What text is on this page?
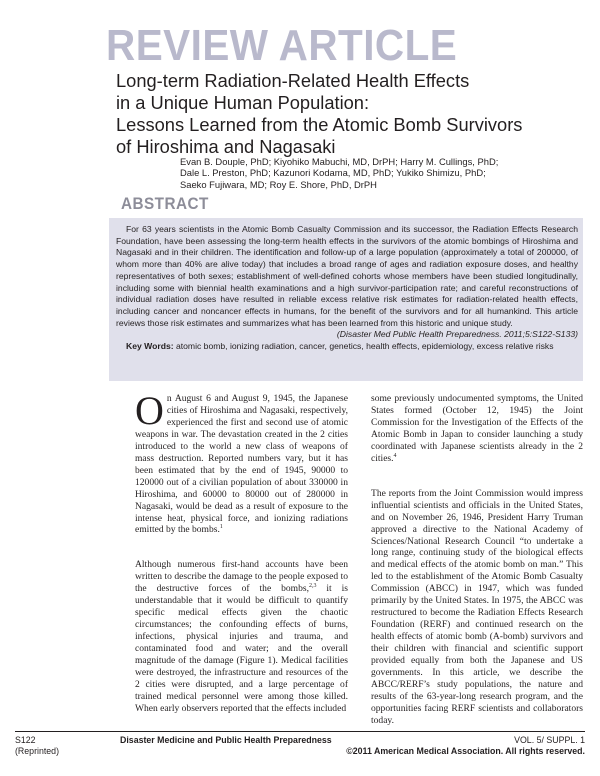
REVIEW ARTICLE
Long-term Radiation-Related Health Effects
in a Unique Human Population:
Lessons Learned from the Atomic Bomb Survivors
of Hiroshima and Nagasaki
Evan B. Douple, PhD; Kiyohiko Mabuchi, MD, DrPH; Harry M. Cullings, PhD;
Dale L. Preston, PhD; Kazunori Kodama, MD, PhD; Yukiko Shimizu, PhD;
Saeko Fujiwara, MD; Roy E. Shore, PhD, DrPH
ABSTRACT

For 63 years scientists in the Atomic Bomb Casualty Commission and its successor, the Radiation Effects Research Foundation, have been assessing the long-term health effects in the survivors of the atomic bombings of Hiroshima and Nagasaki and in their children. The identification and follow-up of a large population (approximately a total of 200000, of whom more than 40% are alive today) that includes a broad range of ages and radiation exposure doses, and healthy representatives of both sexes; establishment of well-defined cohorts whose members have been studied longitudinally, including some with biennial health examinations and a high survivor-participation rate; and careful reconstructions of individual radiation doses have resulted in reliable excess relative risk estimates for radiation-related health effects, including cancer and noncancer effects in humans, for the benefit of the survivors and for all humankind. This article reviews those risk estimates and summarizes what has been learned from this historic and unique study.

(Disaster Med Public Health Preparedness. 2011;5:S122-S133)

Key Words: atomic bomb, ionizing radiation, cancer, genetics, health effects, epidemiology, excess relative risks

On August 6 and August 9, 1945, the Japanese cities of Hiroshima and Nagasaki, respectively, experienced the first and second use of atomic weapons in war. The devastation created in the 2 cities introduced to the world a new class of weapons of mass destruction. Reported numbers vary, but it has been estimated that by the end of 1945, 90000 to 120000 out of a civilian population of about 330000 in Hiroshima, and 60000 to 80000 out of 280000 in Nagasaki, would be dead as a result of exposure to the intense heat, physical force, and ionizing radiations emitted by the bombs.$^1$

Although numerous first-hand accounts have been written to describe the damage to the people exposed to the destructive forces of the bombs,$^{2,3}$ it is understandable that it would be difficult to quantify specific medical effects given the chaotic circumstances; the confounding effects of burns, infections, physical injuries and trauma, and contaminated food and water; and the overall magnitude of the damage (Figure 1). Medical facilities were destroyed, the infrastructure and resources of the 2 cities were disrupted, and a large percentage of trained medical personnel were among those killed. When early observers reported that the effects included

some previously undocumented symptoms, the United States formed (October 12, 1945) the Joint Commission for the Investigation of the Effects of the Atomic Bomb in Japan to consider launching a study coordinated with Japanese scientists already in the 2 cities.$^4$

The reports from the Joint Commission would impress influential scientists and officials in the United States, and on November 26, 1946, President Harry Truman approved a directive to the National Academy of Sciences/National Research Council “to undertake a long range, continuing study of the biological effects and medical effects of the atomic bomb on man.” This led to the establishment of the Atomic Bomb Casualty Commission (ABCC) in 1947, which was funded primarily by the United States. In 1975, the ABCC was restructured to become the Radiation Effects Research Foundation (RERF) and continued research on the health effects of atomic bomb (A-bomb) survivors and their children with financial and scientific support provided equally from both the Japanese and US governments. In this article, we describe the ABCC/RERF’s study populations, the nature and results of the 63-year-long research program, and the opportunities facing RERF scientists and collaborators today.

S122
(Reprinted)
Disaster Medicine and Public Health Preparedness	VOL. 5/ SUPPL. 1
©2011 American Medical Association. All rights reserved.
